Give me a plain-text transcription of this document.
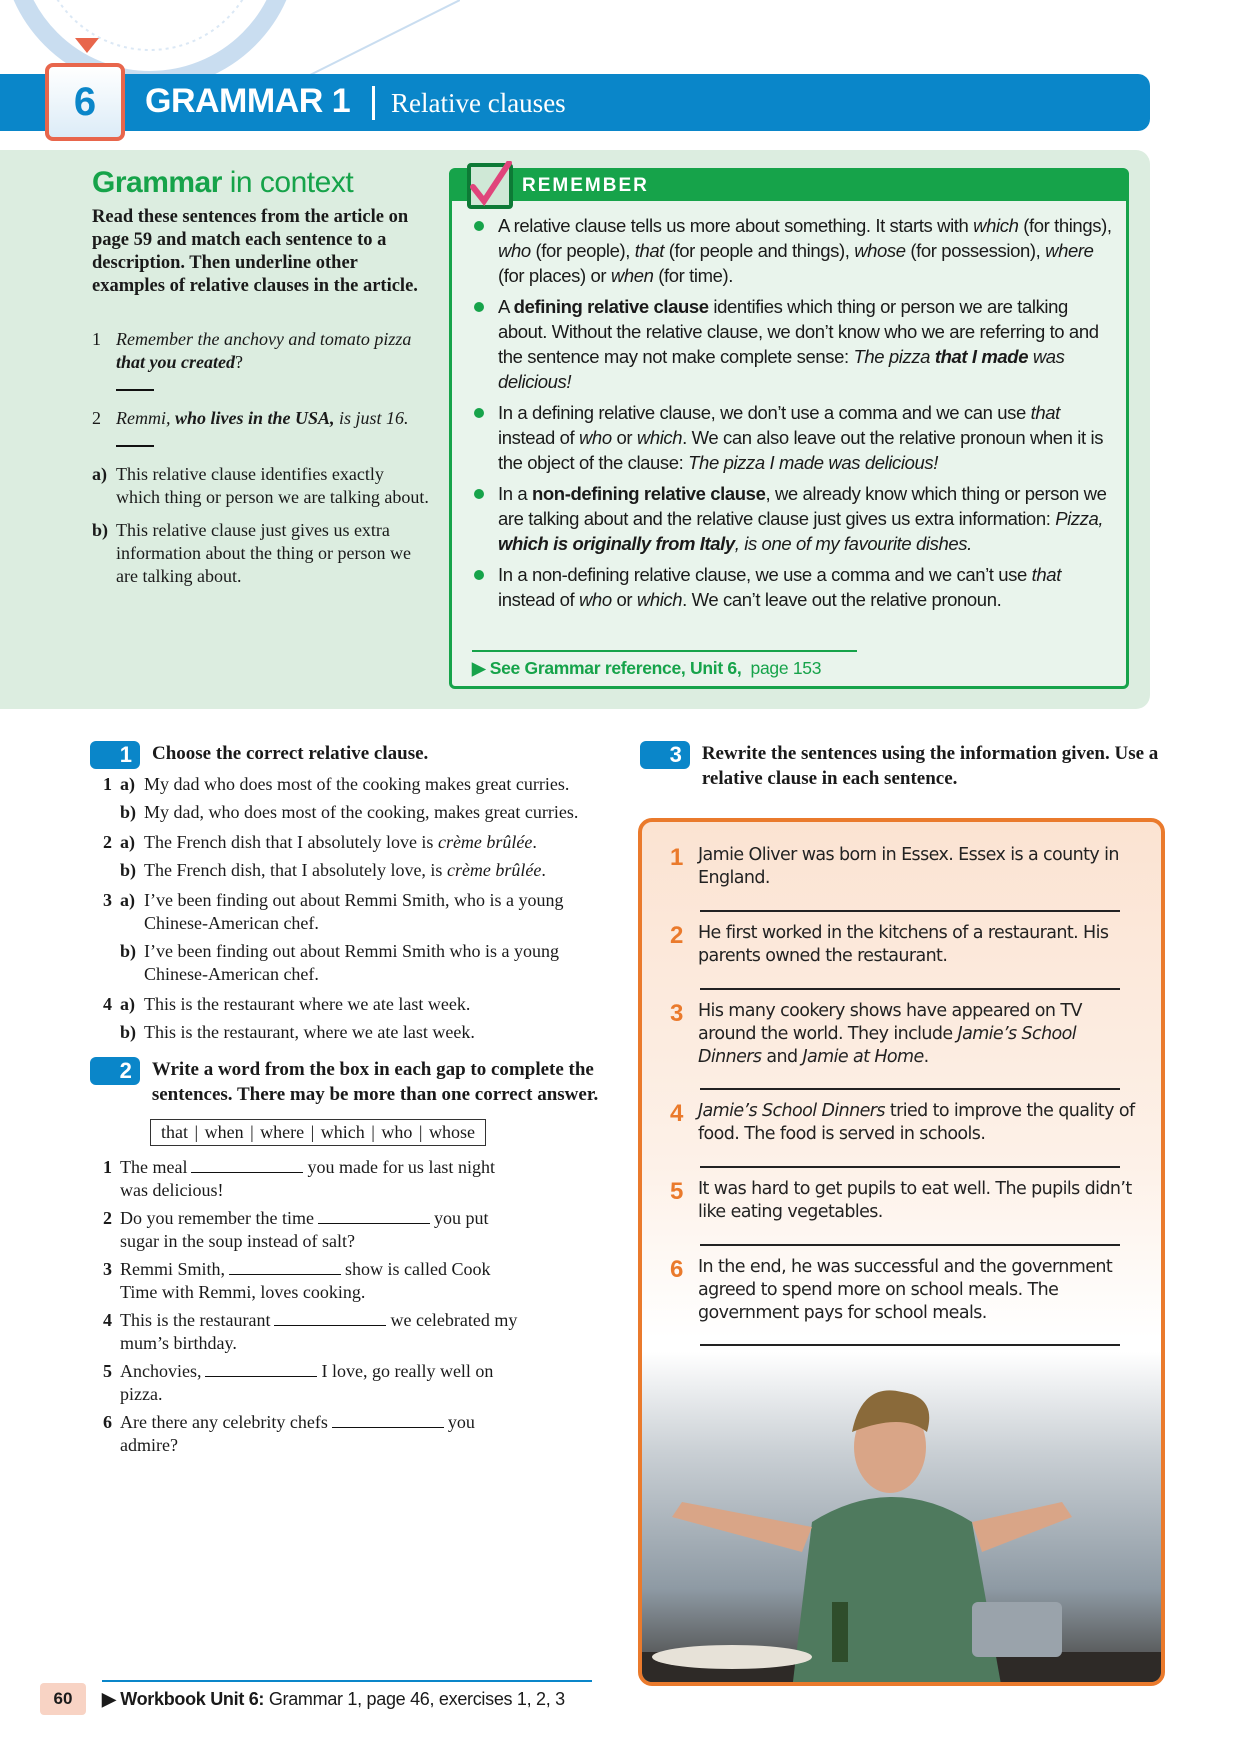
6	GRAMMAR 1 Relative clauses
Grammar in context
Read these sentences from the article on page 59 and match each sentence to a description. Then underline other examples of relative clauses in the article.
1 Remember the anchovy and tomato pizza that you created?

2 Remmi, who lives in the USA, is just 16.
a) This relative clause identifies exactly which thing or person we are talking about.
b) This relative clause just gives us extra information about the thing or person we are talking about.
REMEMBER
A relative clause tells us more about something. It starts with which (for things), who (for people), that (for people and things), whose (for possession), where (for places) or when (for time).
A defining relative clause identifies which thing or person we are talking about. Without the relative clause, we don’t know who we are referring to and the sentence may not make complete sense: The pizza that I made was delicious!
In a defining relative clause, we don’t use a comma and we can use that instead of who or which. We can also leave out the relative pronoun when it is the object of the clause: The pizza I made was delicious!
In a non-defining relative clause, we already know which thing or person we are talking about and the relative clause just gives us extra information: Pizza, which is originally from Italy, is one of my favourite dishes.
In a non-defining relative clause, we use a comma and we can’t use that instead of who or which. We can’t leave out the relative pronoun.
▶ See Grammar reference, Unit 6, page 153
1	Choose the correct relative clause.
1 a) My dad who does most of the cooking makes great curries.
b) My dad, who does most of the cooking, makes great curries.
2 a) The French dish that I absolutely love is crème brûlée.
b) The French dish, that I absolutely love, is crème brûlée.
3 a) I’ve been finding out about Remmi Smith, who is a young Chinese-American chef.
b) I’ve been finding out about Remmi Smith who is a young Chinese-American chef.
4 a) This is the restaurant where we ate last week.
b) This is the restaurant, where we ate last week.
2	Write a word from the box in each gap to complete the sentences. There may be more than one correct answer.
that | when | where | which | who | whose
1 The meal	you made for us last night was delicious!
2 Do you remember the time	you put sugar in the soup instead of salt?
3 Remmi Smith,	show is called Cook Time with Remmi, loves cooking.
4 This is the restaurant	we celebrated my mum’s birthday.
5 Anchovies,	I love, go really well on pizza.
6 Are there any celebrity chefs	you admire?
3	Rewrite the sentences using the information given. Use a relative clause in each sentence.
1 Jamie Oliver was born in Essex. Essex is a county in England.
2 He first worked in the kitchens of a restaurant. His parents owned the restaurant.
3 His many cookery shows have appeared on TV around the world. They include Jamie’s School Dinners and Jamie at Home.
4 Jamie’s School Dinners tried to improve the quality of food. The food is served in schools.
5 It was hard to get pupils to eat well. The pupils didn’t like eating vegetables.
6 In the end, he was successful and the government agreed to spend more on school meals. The government pays for school meals.
60	▶ Workbook Unit 6: Grammar 1, page 46, exercises 1, 2, 3
